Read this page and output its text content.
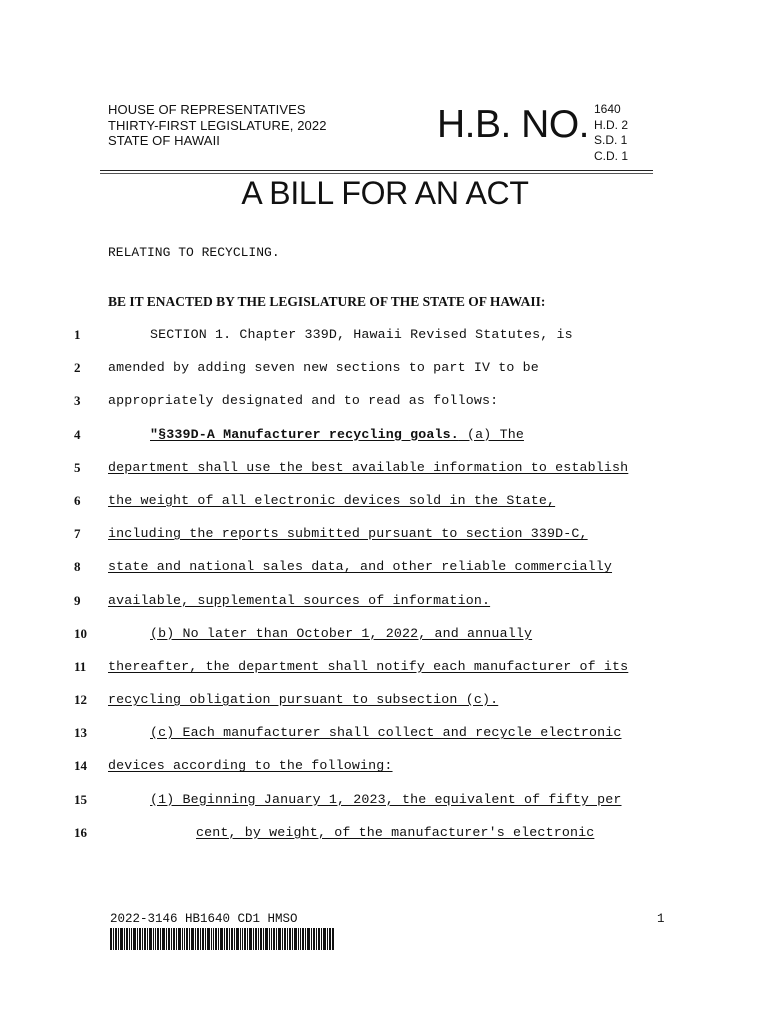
HOUSE OF REPRESENTATIVES
THIRTY-FIRST LEGISLATURE, 2022
STATE OF HAWAII	H.B. NO. 1640
H.D. 2
S.D. 1
C.D. 1
A BILL FOR AN ACT
RELATING TO RECYCLING.
BE IT ENACTED BY THE LEGISLATURE OF THE STATE OF HAWAII:
1	SECTION 1. Chapter 339D, Hawaii Revised Statutes, is
2 amended by adding seven new sections to part IV to be
3 appropriately designated and to read as follows:
4	"§339D-A Manufacturer recycling goals. (a) The
5 department shall use the best available information to establish
6 the weight of all electronic devices sold in the State,
7 including the reports submitted pursuant to section 339D-C,
8 state and national sales data, and other reliable commercially
9 available, supplemental sources of information.
10	(b) No later than October 1, 2022, and annually
11 thereafter, the department shall notify each manufacturer of its
12 recycling obligation pursuant to subsection (c).
13	(c) Each manufacturer shall collect and recycle electronic
14 devices according to the following:
15	(1) Beginning January 1, 2023, the equivalent of fifty per
16	cent, by weight, of the manufacturer's electronic
2022-3146 HB1640 CD1 HMSO	1
